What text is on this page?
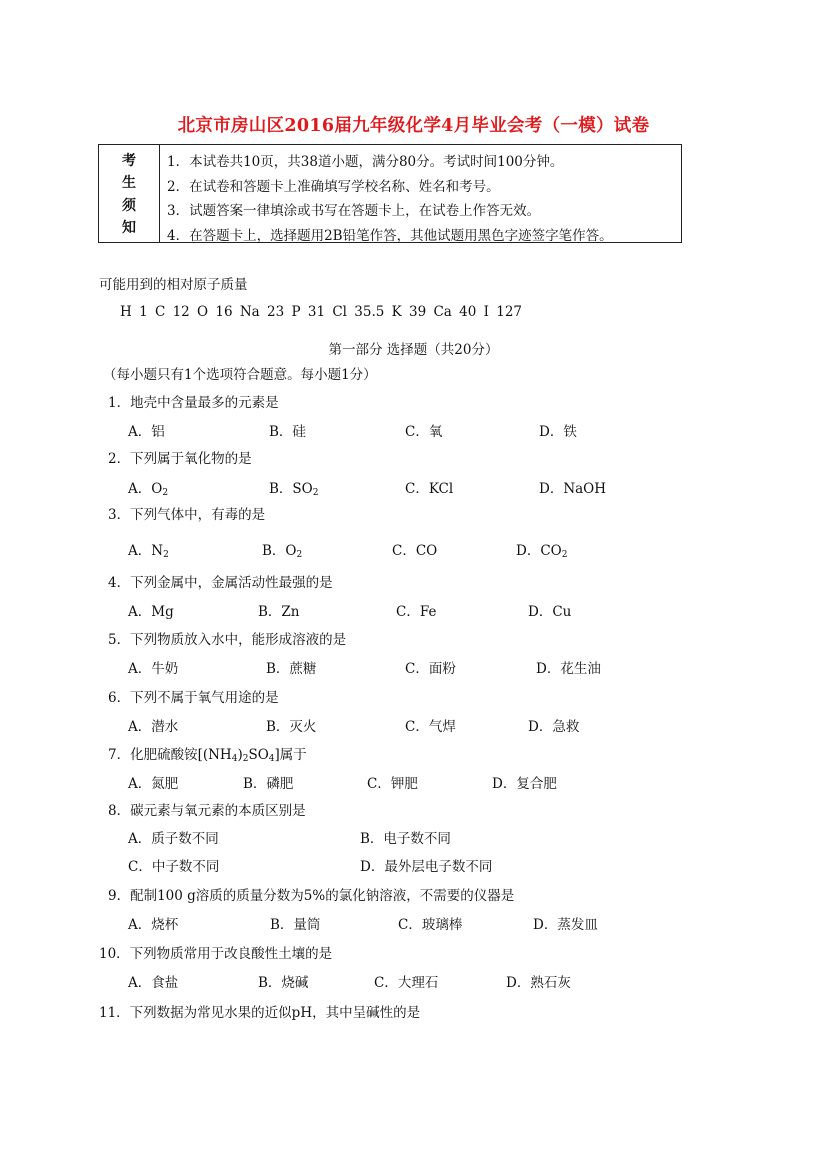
北京市房山区2016届九年级化学4月毕业会考（一模）试卷
考
生
须
知
1．本试卷共10页，共38道小题，满分80分。考试时间100分钟。
2．在试卷和答题卡上准确填写学校名称、姓名和考号。
3．试题答案一律填涂或书写在答题卡上，在试卷上作答无效。
4．在答题卡上，选择题用2B铅笔作答，其他试题用黑色字迹签字笔作答。
可能用到的相对原子质量
H 1 C 12 O 16 Na 23 P 31 Cl 35.5 K 39 Ca 40 I 127
第一部分 选择题（共20分）
（每小题只有1个选项符合题意。每小题1分）
1．地壳中含量最多的元素是
A．铝	B．硅	C．氧	D．铁
2．下列属于氧化物的是
A．$O_2$	B．$SO_2$	C．KCl	D．NaOH
3．下列气体中，有毒的是
A．$N_2$	B．$O_2$	C．CO	D．$CO_2$
4．下列金属中，金属活动性最强的是
A．Mg	B．Zn	C．Fe	D．Cu
5．下列物质放入水中，能形成溶液的是
A．牛奶	B．蔗糖	C．面粉	D．花生油
6．下列不属于氧气用途的是
A．潜水	B．灭火	C．气焊	D．急救
7．化肥硫酸铵$[(NH_4)_2SO_4]$属于
A．氮肥	B．磷肥	C．钾肥	D．复合肥
8．碳元素与氧元素的本质区别是
A．质子数不同	B．电子数不同
C．中子数不同	D．最外层电子数不同
9．配制100 g溶质的质量分数为5%的氯化钠溶液，不需要的仪器是
A．烧杯	B．量筒	C．玻璃棒	D．蒸发皿
10．下列物质常用于改良酸性土壤的是
A．食盐	B．烧碱	C．大理石	D．熟石灰
11．下列数据为常见水果的近似pH，其中呈碱性的是
